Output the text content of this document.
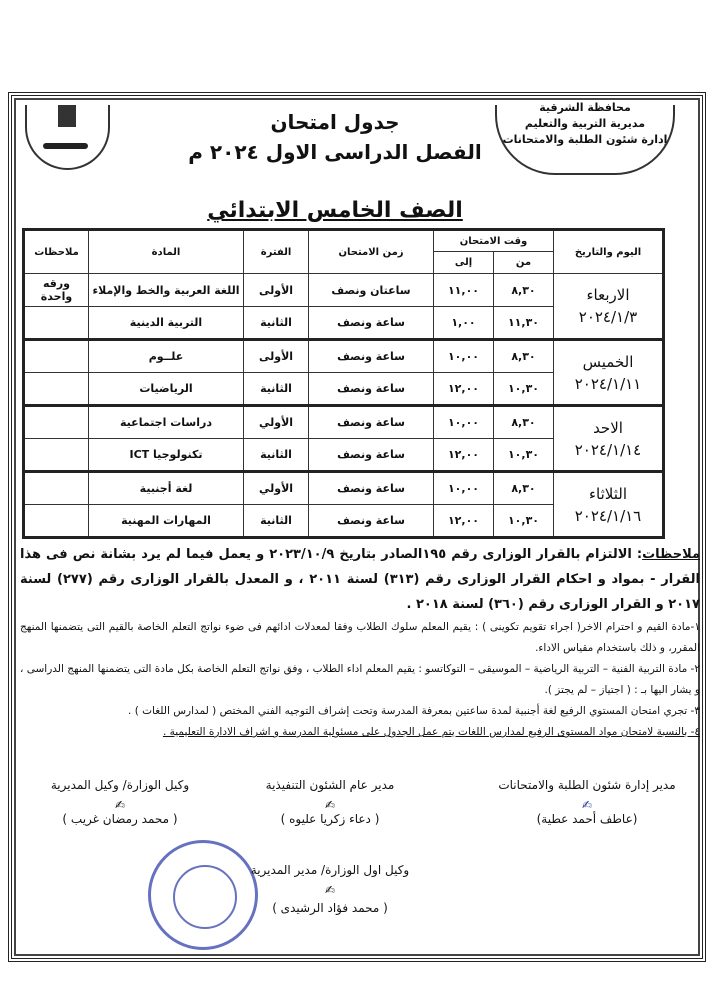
محافظة الشرقية
مديرية التربية والتعليم
إدارة شئون الطلبة والامتحانات
جدول امتحان
الفصل الدراسى الاول ٢٠٢٤ م
الصف الخامس الابتدائي
اليوم والتاريخ	وقت الامتحان		زمن الامتحان	الفترة	المادة	ملاحظات
	من	إلى				

الاربعاء
٢٠٢٤/١/٣	٨,٣٠	١١,٠٠	ساعتان ونصف	الأولى	اللغة العربية والخط والإملاء	ورقه واحدة
	١١,٣٠	١,٠٠	ساعة ونصف	الثانية	التربية الدينية	

الخميس
٢٠٢٤/١/١١	٨,٣٠	١٠,٠٠	ساعة ونصف	الأولى	علــوم	
	١٠,٣٠	١٢,٠٠	ساعة ونصف	الثانية	الرياضيات	

الاحد
٢٠٢٤/١/١٤	٨,٣٠	١٠,٠٠	ساعة ونصف	الأولي	دراسات اجتماعية	
	١٠,٣٠	١٢,٠٠	ساعة ونصف	الثانية	تكنولوجيا ICT	

الثلاثاء
٢٠٢٤/١/١٦	٨,٣٠	١٠,٠٠	ساعة ونصف	الأولي	لغة أجنبية	
	١٠,٣٠	١٢,٠٠	ساعة ونصف	الثانية	المهارات المهنية	

ملاحظات: الالتزام بالقرار الوزارى رقم ١٩٥الصادر بتاريخ ٢٠٢٣/١٠/٩ و يعمل فيما لم يرد بشانة نص فى هذا القرار - بمواد و احكام القرار الوزارى رقم (٣١٣) لسنة ٢٠١١ ، و المعدل بالقرار الوزارى رقم (٢٧٧) لسنة ٢٠١٧ و القرار الوزارى رقم (٣٦٠) لسنة ٢٠١٨ .

١-مادة القيم و احترام الاخر( اجراء تقويم تكوينى ) : يقيم المعلم سلوك الطلاب وفقا لمعدلات ادائهم فى ضوء نواتج التعلم الخاصة بالقيم التى يتضمنها المنهج المقرر، و ذلك باستخدام مقياس الاداء.

٢- مادة التربية الفنية – التربية الرياضية – الموسيقى – التوكاتسو : يقيم المعلم اداء الطلاب ، وفق نواتج التعلم الخاصة بكل مادة التى يتضمنها المنهج الدراسى ، و يشار اليها بـ : ( اجتياز – لم يجتز ).

٣- تجري امتحان المستوي الرفيع لغة أجنبية لمدة ساعتين بمعرفة المدرسة وتحت إشراف التوجيه الفني المختص ( لمدارس اللغات ) .

٤- بالنسبة لامتحان مواد المستوى الرفيع لمدارس اللغات يتم عمل الجدول على مسئولية المدرسة و اشراف الادارة التعليمية .

مدير إدارة شئون الطلبة والامتحانات
✍
(عاطف أحمد عطية)
مدير عام الشئون التنفيذية
✍
( دعاء زكريا عليوه )
وكيل الوزارة/ وكيل المديرية
✍
( محمد رمضان غريب )
وكيل اول الوزارة/ مدير المديرية
✍
( محمد فؤاد الرشيدى )
